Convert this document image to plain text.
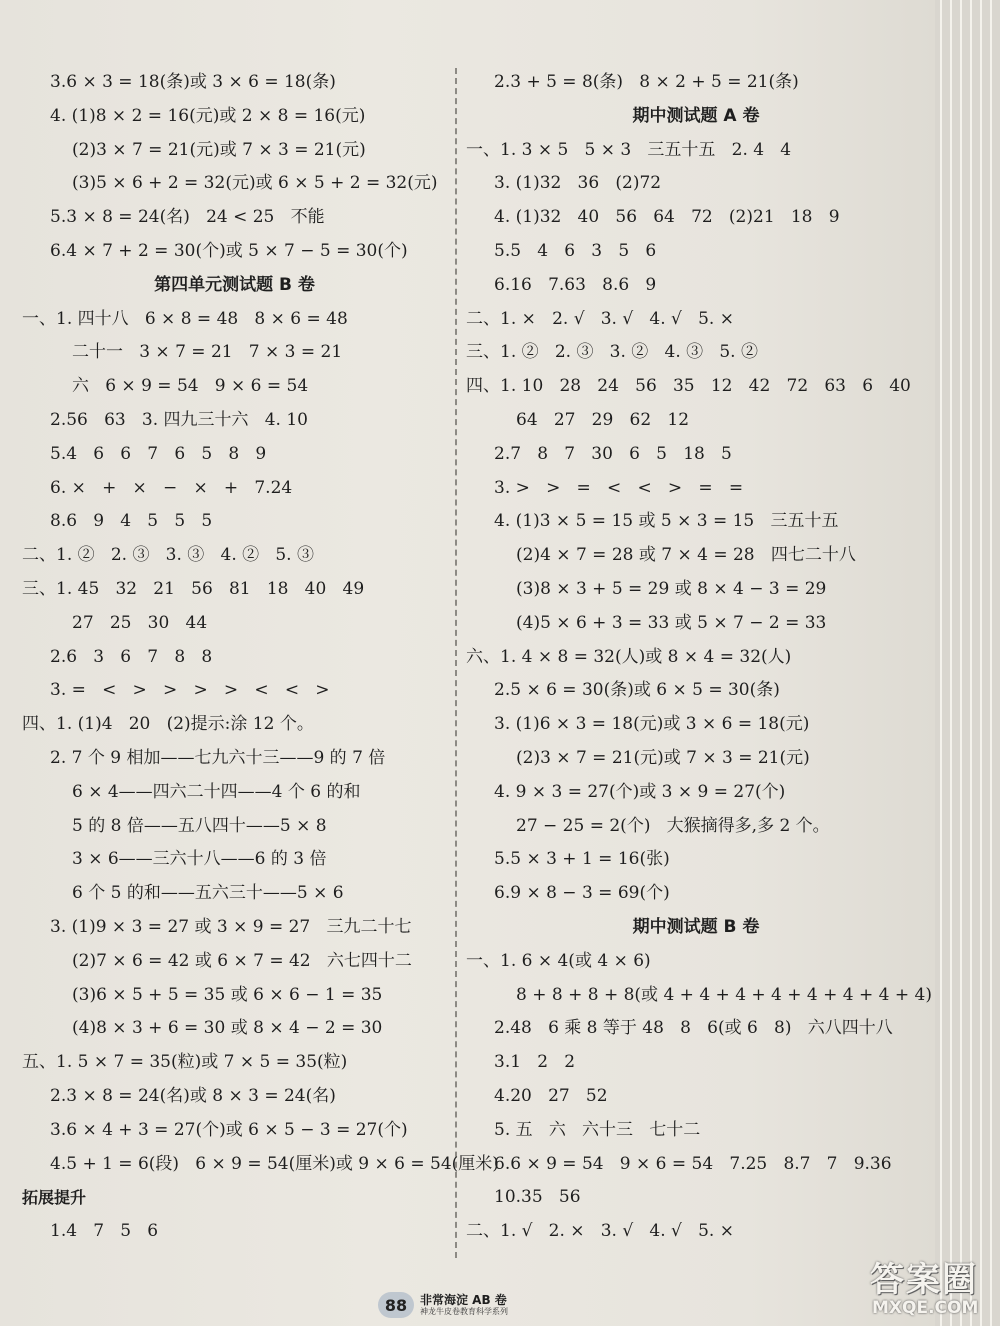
3.6 × 3 = 18(条)或 3 × 6 = 18(条)
4. (1)8 × 2 = 16(元)或 2 × 8 = 16(元)
(2)3 × 7 = 21(元)或 7 × 3 = 21(元)
(3)5 × 6 + 2 = 32(元)或 6 × 5 + 2 = 32(元)
5.3 × 8 = 24(名)   24 < 25   不能
6.4 × 7 + 2 = 30(个)或 5 × 7 − 5 = 30(个)
第四单元测试题 B 卷
一、1. 四十八   6 × 8 = 48   8 × 6 = 48
二十一   3 × 7 = 21   7 × 3 = 21
六   6 × 9 = 54   9 × 6 = 54
2.56   63   3. 四九三十六   4. 10
5.4   6   6   7   6   5   8   9
6. ×   +   ×   −   ×   +   7.24
8.6   9   4   5   5   5
二、1. ②   2. ③   3. ③   4. ②   5. ③
三、1. 45   32   21   56   81   18   40   49
27   25   30   44
2.6   3   6   7   8   8
3. =   <   >   >   >   >   <   <   >
四、1. (1)4   20   (2)提示:涂 12 个。
2. 7 个 9 相加——七九六十三——9 的 7 倍
6 × 4——四六二十四——4 个 6 的和
5 的 8 倍——五八四十——5 × 8
3 × 6——三六十八——6 的 3 倍
6 个 5 的和——五六三十——5 × 6
3. (1)9 × 3 = 27 或 3 × 9 = 27   三九二十七
(2)7 × 6 = 42 或 6 × 7 = 42   六七四十二
(3)6 × 5 + 5 = 35 或 6 × 6 − 1 = 35
(4)8 × 3 + 6 = 30 或 8 × 4 − 2 = 30
五、1. 5 × 7 = 35(粒)或 7 × 5 = 35(粒)
2.3 × 8 = 24(名)或 8 × 3 = 24(名)
3.6 × 4 + 3 = 27(个)或 6 × 5 − 3 = 27(个)
4.5 + 1 = 6(段)   6 × 9 = 54(厘米)或 9 × 6 = 54(厘米)
拓展提升
1.4   7   5   6
2.3 + 5 = 8(条)   8 × 2 + 5 = 21(条)
期中测试题 A 卷
一、1. 3 × 5   5 × 3   三五十五   2. 4   4
3. (1)32   36   (2)72
4. (1)32   40   56   64   72   (2)21   18   9
5.5   4   6   3   5   6
6.16   7.63   8.6   9
二、1. ×   2. √   3. √   4. √   5. ×
三、1. ②   2. ③   3. ②   4. ③   5. ②
四、1. 10   28   24   56   35   12   42   72   63   6   40
64   27   29   62   12
2.7   8   7   30   6   5   18   5
3. >   >   =   <   <   >   =   =
4. (1)3 × 5 = 15 或 5 × 3 = 15   三五十五
(2)4 × 7 = 28 或 7 × 4 = 28   四七二十八
(3)8 × 3 + 5 = 29 或 8 × 4 − 3 = 29
(4)5 × 6 + 3 = 33 或 5 × 7 − 2 = 33
六、1. 4 × 8 = 32(人)或 8 × 4 = 32(人)
2.5 × 6 = 30(条)或 6 × 5 = 30(条)
3. (1)6 × 3 = 18(元)或 3 × 6 = 18(元)
(2)3 × 7 = 21(元)或 7 × 3 = 21(元)
4. 9 × 3 = 27(个)或 3 × 9 = 27(个)
27 − 25 = 2(个)   大猴摘得多,多 2 个。
5.5 × 3 + 1 = 16(张)
6.9 × 8 − 3 = 69(个)
期中测试题 B 卷
一、1. 6 × 4(或 4 × 6)
8 + 8 + 8 + 8(或 4 + 4 + 4 + 4 + 4 + 4 + 4 + 4)
2.48   6 乘 8 等于 48   8   6(或 6   8)   六八四十八
3.1   2   2
4.20   27   52
5. 五   六   六十三   七十二
6.6 × 9 = 54   9 × 6 = 54   7.25   8.7   7   9.36
10.35   56
二、1. √   2. ×   3. √   4. √   5. ×
88	非常海淀 AB 卷
神龙牛皮卷教育科学系列
答案圈
MXQE.COM
